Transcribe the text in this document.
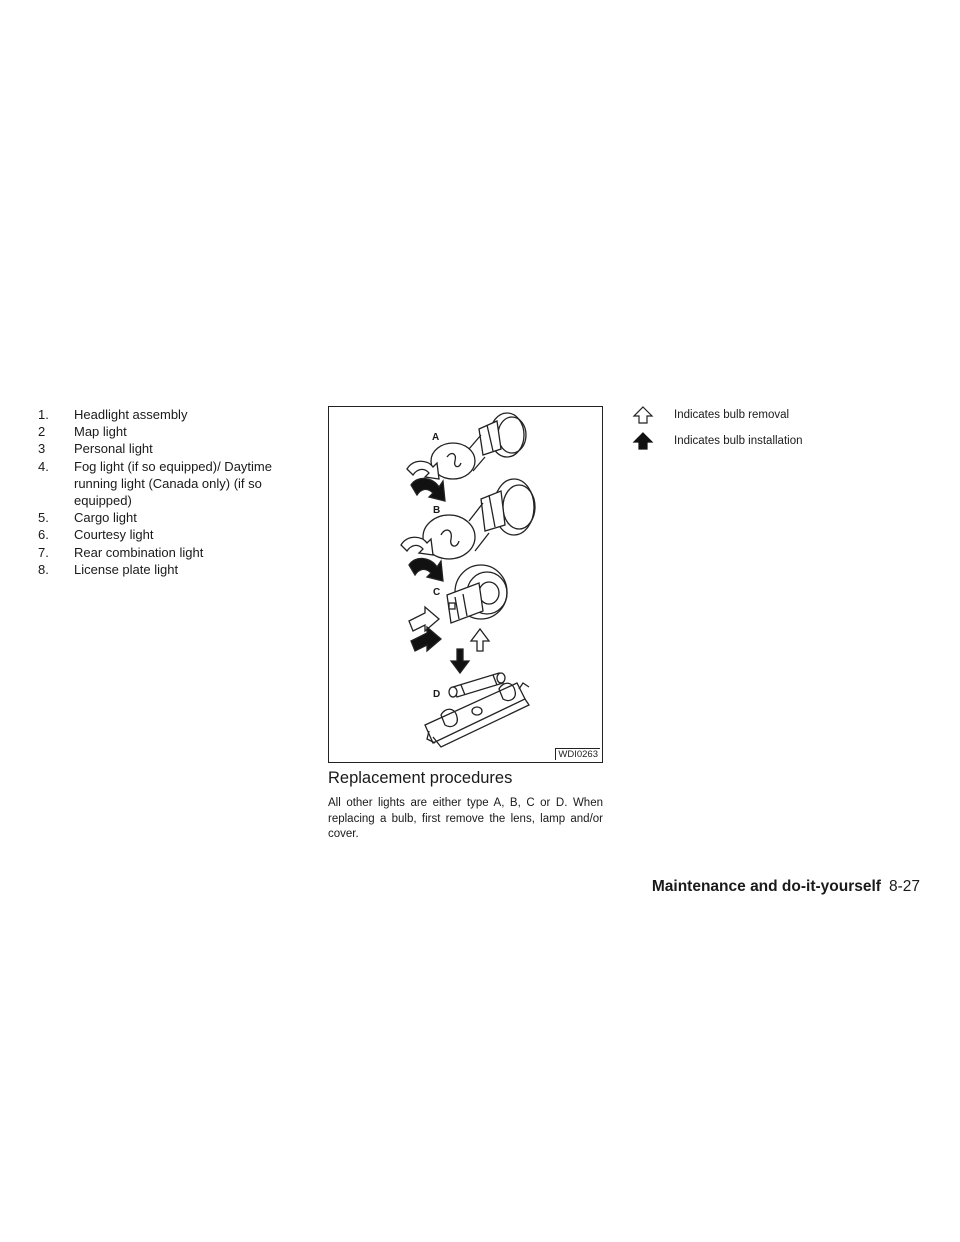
1.	Headlight assembly
2	Map light
3	Personal light
4.	Fog light (if so equipped)/ Daytime running light (Canada only) (if so equipped)
5.	Cargo light
6.	Courtesy light
7.	Rear combination light
8.	License plate light
A
B
C
D
WDI0263
Replacement procedures

All other lights are either type A, B, C or D. When replacing a bulb, first remove the lens, lamp and/or cover.

Indicates bulb removal
Indicates bulb installation
Maintenance and do-it-yourself 8-27
